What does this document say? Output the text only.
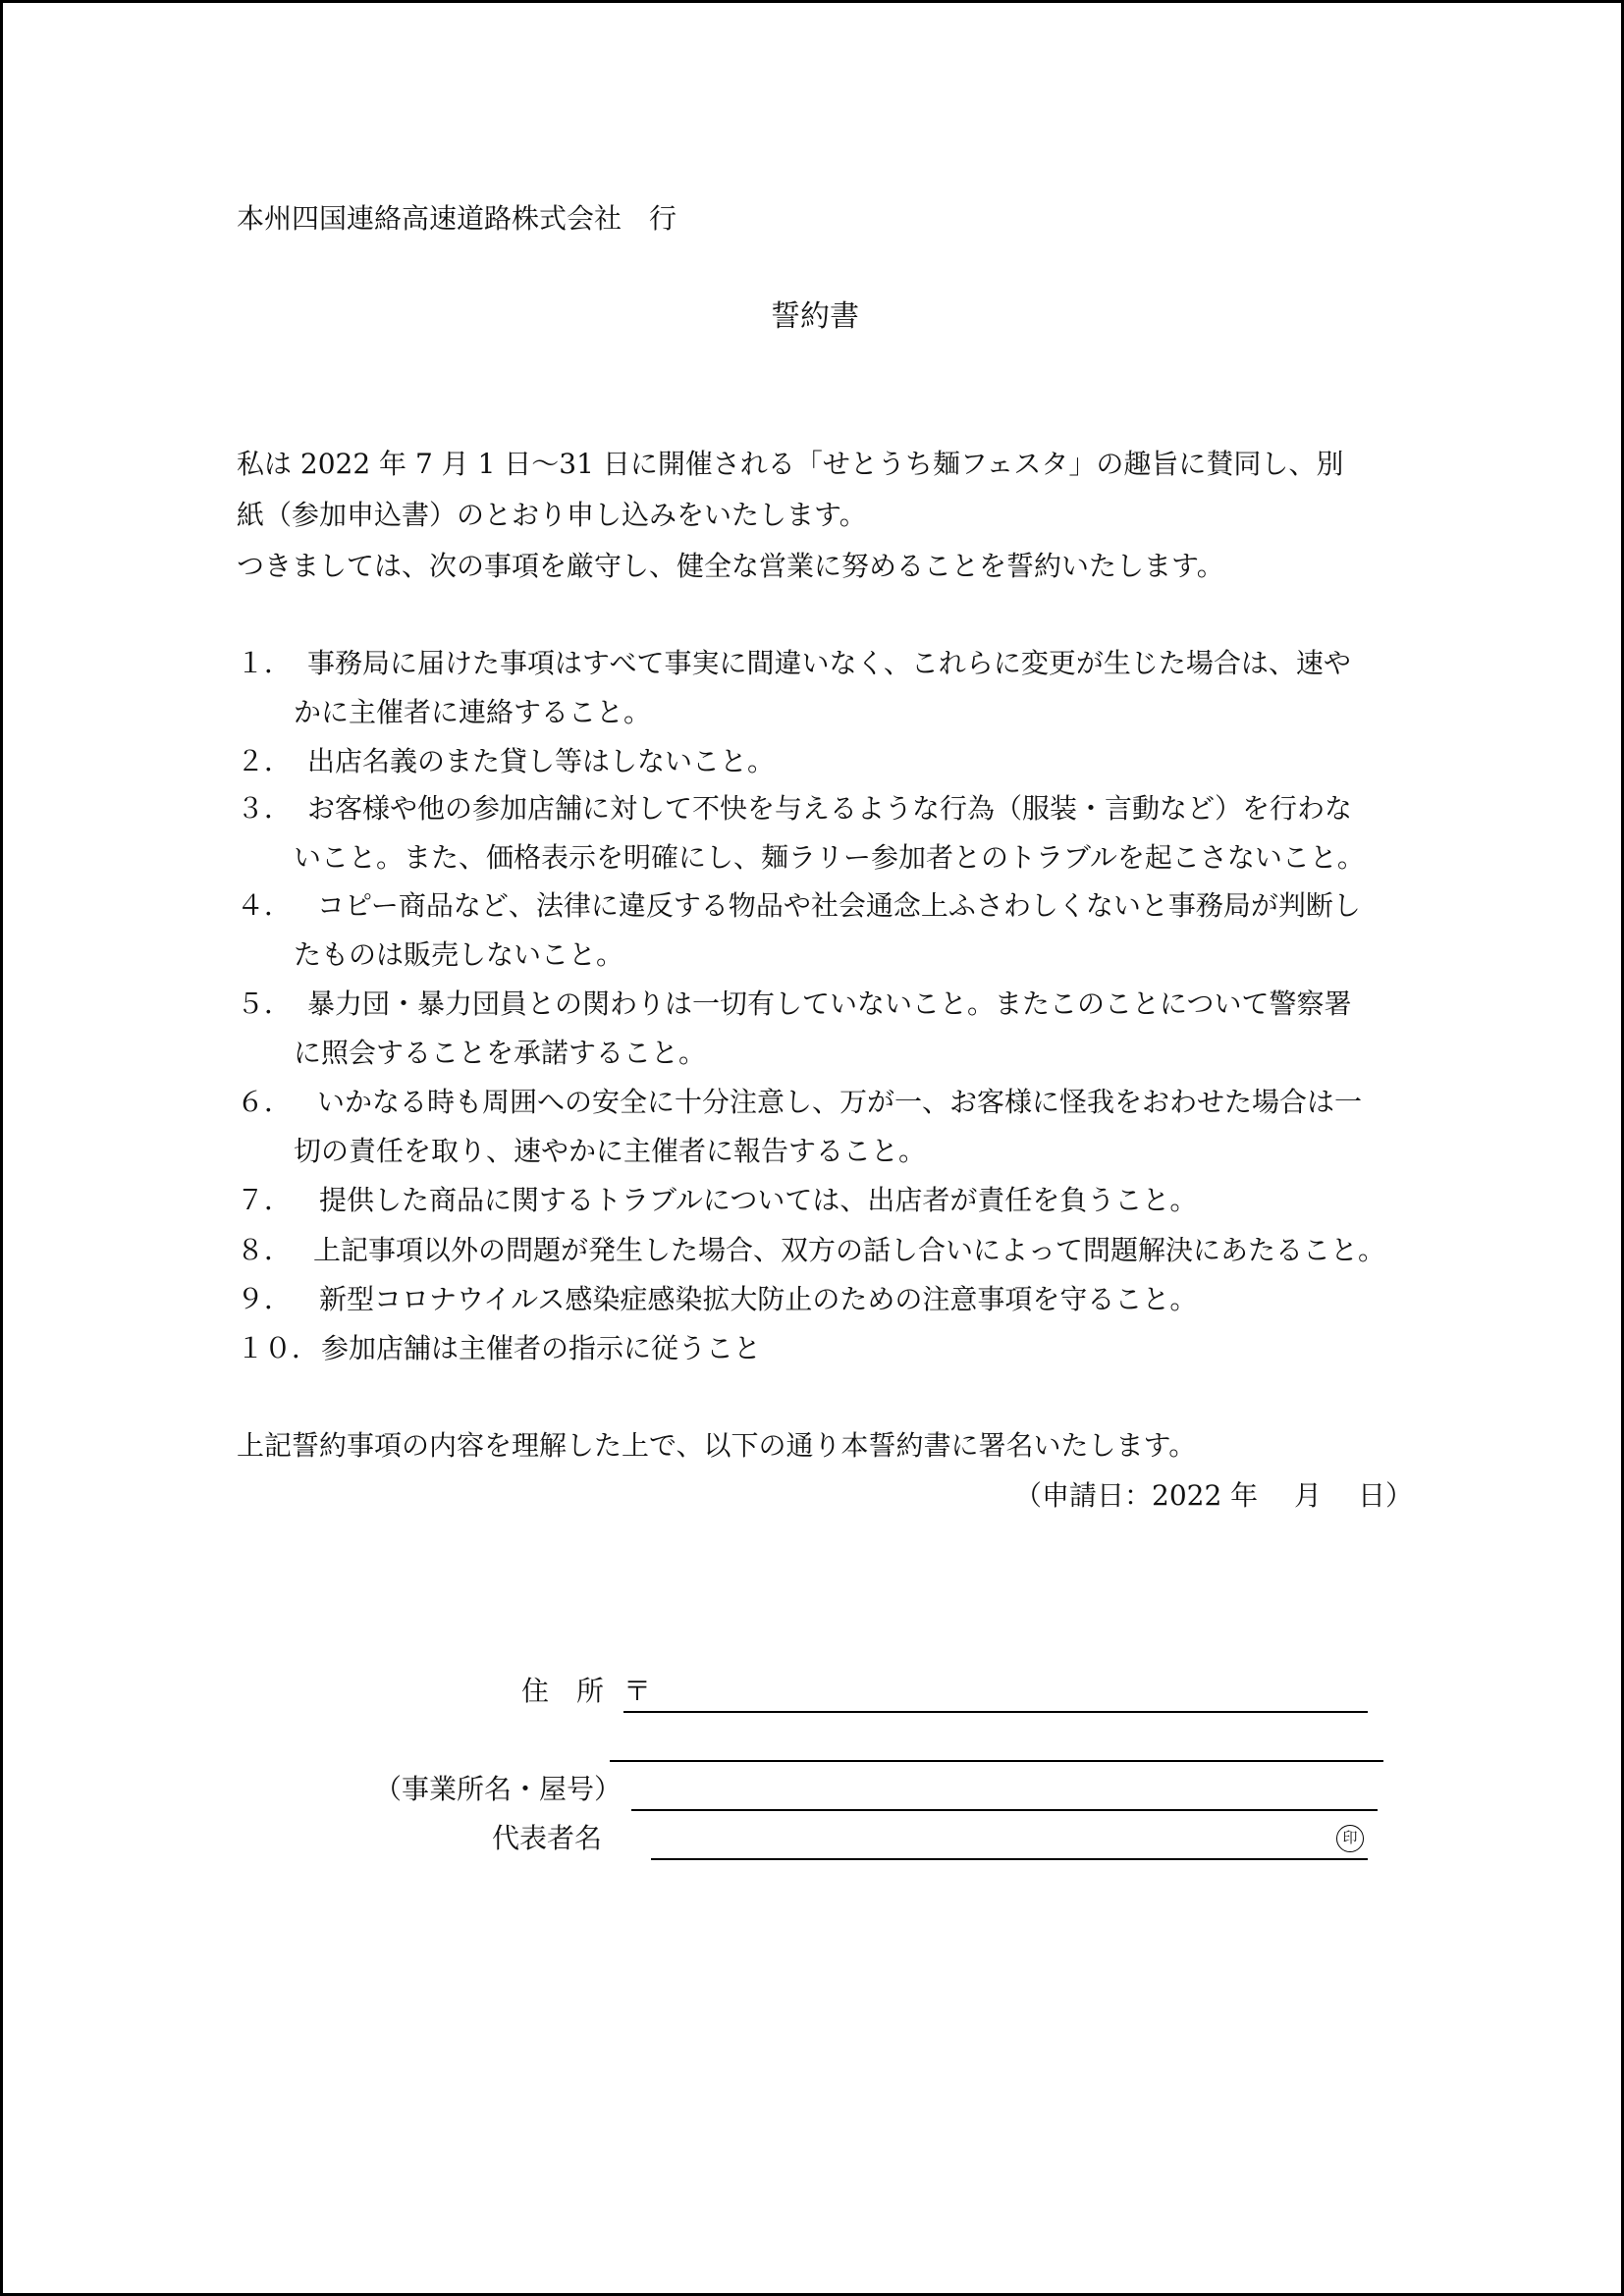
本州四国連絡高速道路株式会社　行

誓約書

私は 2022 年 7 月 1 日～31 日に開催される「せとうち麺フェスタ」の趣旨に賛同し、別

紙（参加申込書）のとおり申し込みをいたします。

つきましては、次の事項を厳守し、健全な営業に努めることを誓約いたします。

１． 事務局に届けた事項はすべて事実に間違いなく、これらに変更が生じた場合は、速や
かに主催者に連絡すること。
２． 出店名義のまた貸し等はしないこと。
３． お客様や他の参加店舗に対して不快を与えるような行為（服装・言動など）を行わな
いこと。また、価格表示を明確にし、麺ラリー参加者とのトラブルを起こさないこと。
４． コピー商品など、法律に違反する物品や社会通念上ふさわしくないと事務局が判断し
たものは販売しないこと。
５． 暴力団・暴力団員との関わりは一切有していないこと。またこのことについて警察署
に照会することを承諾すること。
６． いかなる時も周囲への安全に十分注意し、万が一、お客様に怪我をおわせた場合は一
切の責任を取り、速やかに主催者に報告すること。
７． 提供した商品に関するトラブルについては、出店者が責任を負うこと。
８． 上記事項以外の問題が発生した場合、双方の話し合いによって問題解決にあたること。
９． 新型コロナウイルス感染症感染拡大防止のための注意事項を守ること。
１０． 参加店舗は主催者の指示に従うこと

上記誓約事項の内容を理解した上で、以下の通り本誓約書に署名いたします。

（申請日：2022 年　 月　 日）

住　所 〒

（事業所名・屋号）

代表者名	印
